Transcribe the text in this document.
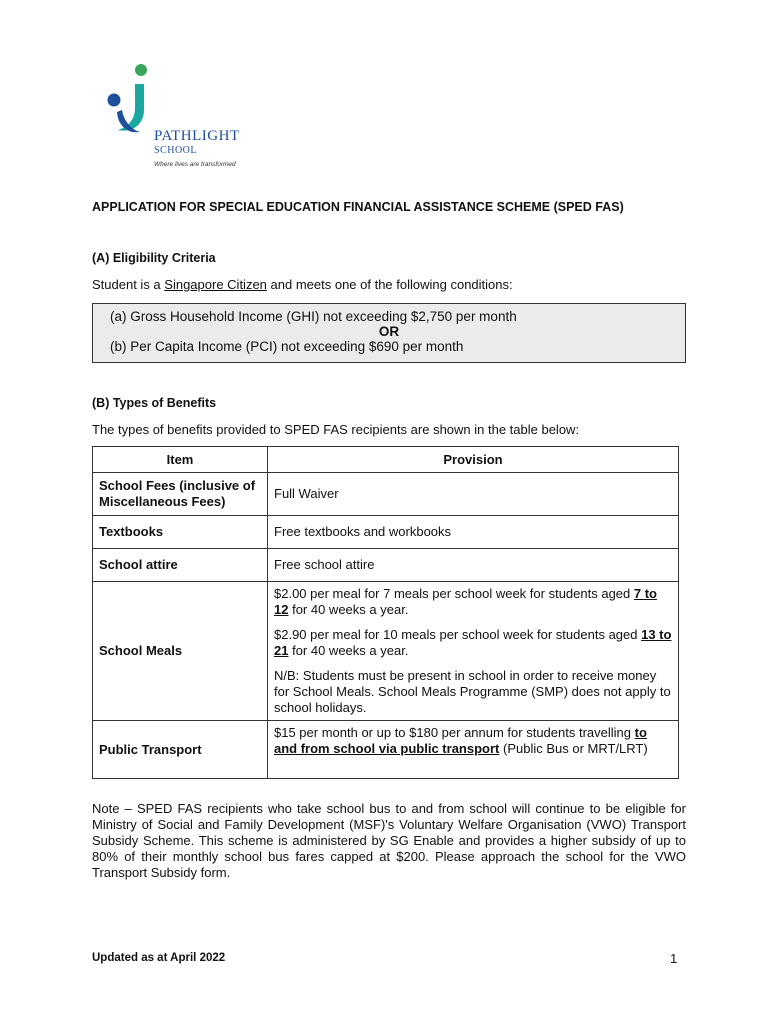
PATHLIGHT
SCHOOL
Where lives are transformed
APPLICATION FOR SPECIAL EDUCATION FINANCIAL ASSISTANCE SCHEME (SPED FAS)
(A) Eligibility Criteria
Student is a Singapore Citizen and meets one of the following conditions:
(a) Gross Household Income (GHI) not exceeding $2,750 per month
OR
(b) Per Capita Income (PCI) not exceeding $690 per month
(B) Types of Benefits
The types of benefits provided to SPED FAS recipients are shown in the table below:
Item	Provision
School Fees (inclusive of Miscellaneous Fees)	Full Waiver
Textbooks	Free textbooks and workbooks
School attire	Free school attire
School Meals	$2.00 per meal for 7 meals per school week for students aged 7 to 12 for 40 weeks a year.

$2.90 per meal for 10 meals per school week for students aged 13 to 21 for 40 weeks a year.

N/B: Students must be present in school in order to receive money for School Meals. School Meals Programme (SMP) does not apply to school holidays.

Public Transport	$15 per month or up to $180 per annum for students travelling to and from school via public transport (Public Bus or MRT/LRT)
Note – SPED FAS recipients who take school bus to and from school will continue to be eligible for Ministry of Social and Family Development (MSF)'s Voluntary Welfare Organisation (VWO) Transport Subsidy Scheme. This scheme is administered by SG Enable and provides a higher subsidy of up to 80% of their monthly school bus fares capped at $200. Please approach the school for the VWO Transport Subsidy form.
Updated as at April 2022	1
